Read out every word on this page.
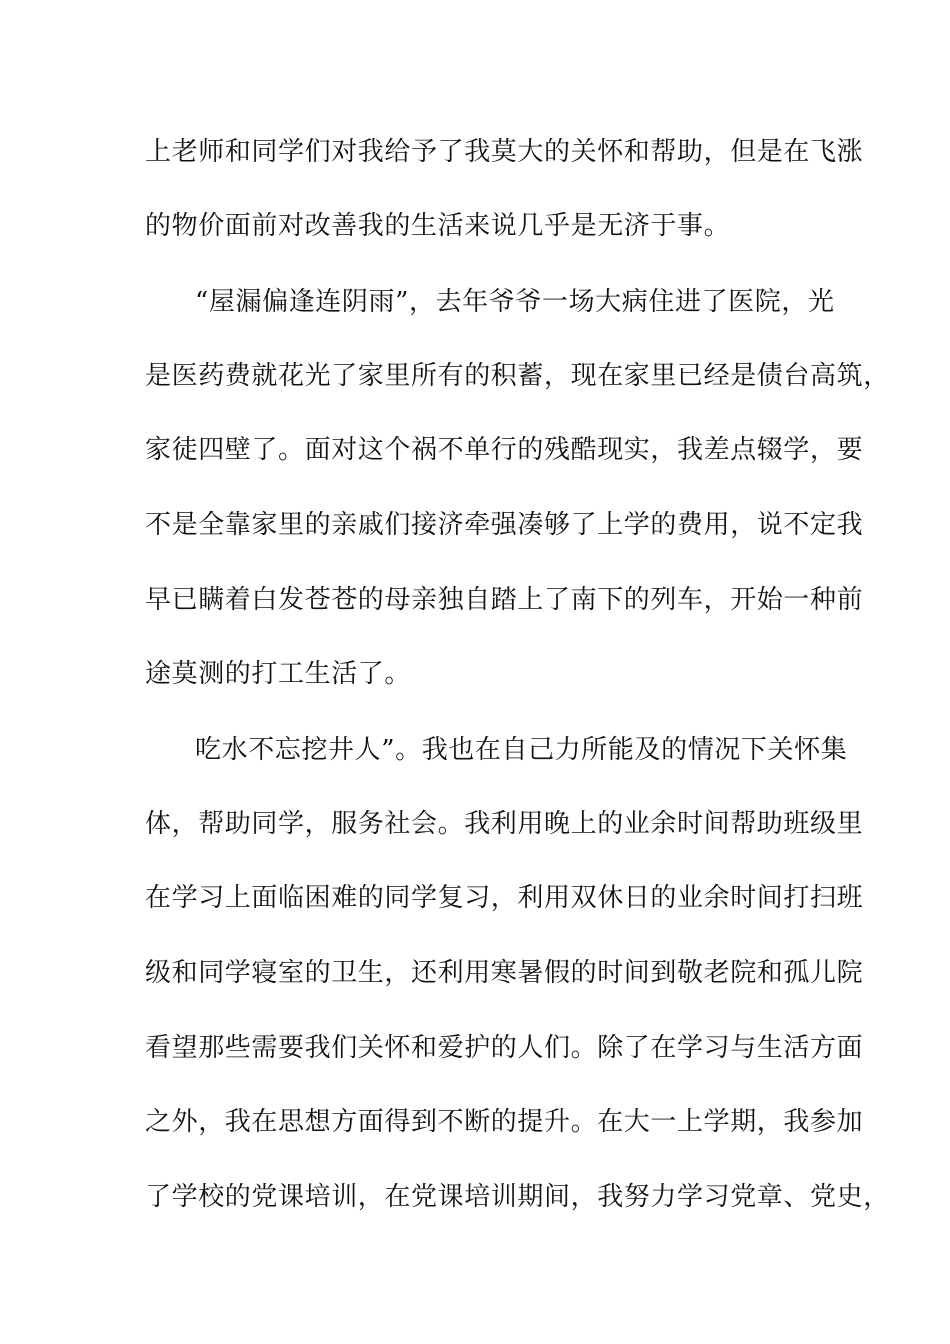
上老师和同学们对我给予了我莫大的关怀和帮助，但是在飞涨
的物价面前对改善我的生活来说几乎是无济于事。
“屋漏偏逢连阴雨”，去年爷爷一场大病住进了医院，光
是医药费就花光了家里所有的积蓄，现在家里已经是债台高筑，
家徒四壁了。面对这个祸不单行的残酷现实，我差点辍学，要
不是全靠家里的亲戚们接济牵强凑够了上学的费用，说不定我
早已瞒着白发苍苍的母亲独自踏上了南下的列车，开始一种前
途莫测的打工生活了。
吃水不忘挖井人”。我也在自己力所能及的情况下关怀集
体，帮助同学，服务社会。我利用晚上的业余时间帮助班级里
在学习上面临困难的同学复习，利用双休日的业余时间打扫班
级和同学寝室的卫生，还利用寒暑假的时间到敬老院和孤儿院
看望那些需要我们关怀和爱护的人们。除了在学习与生活方面
之外，我在思想方面得到不断的提升。在大一上学期，我参加
了学校的党课培训，在党课培训期间，我努力学习党章、党史，
